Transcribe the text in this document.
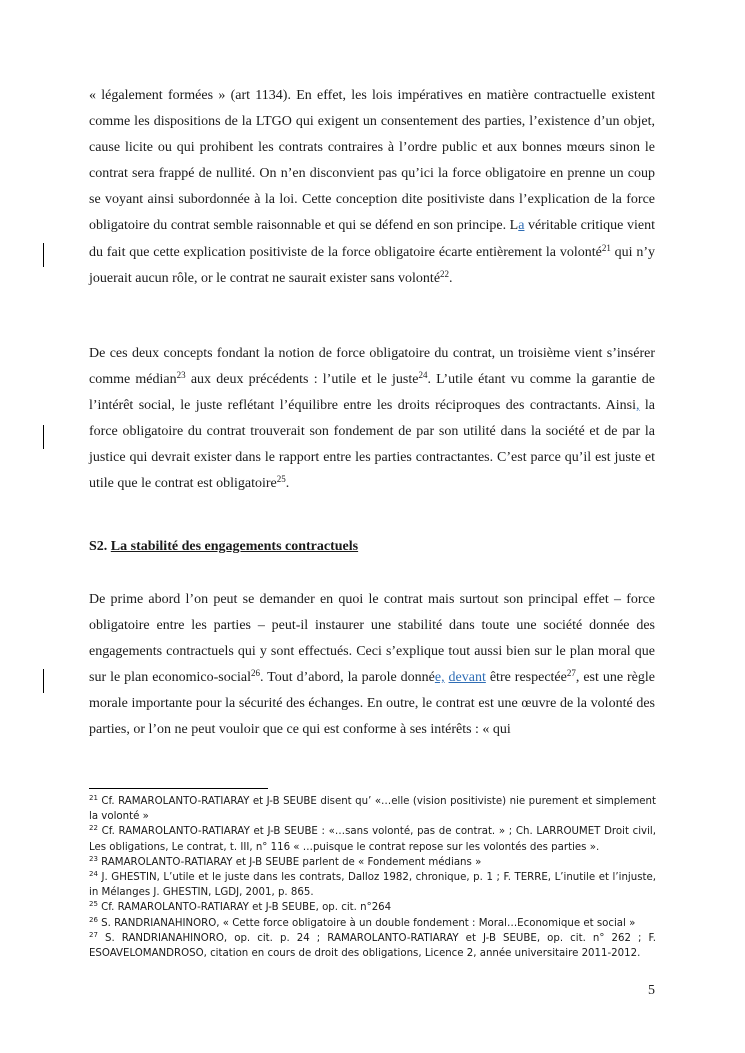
« légalement formées » (art 1134). En effet, les lois impératives en matière contractuelle existent comme les dispositions de la LTGO qui exigent un consentement des parties, l’existence d’un objet, cause licite ou qui prohibent les contrats contraires à l’ordre public et aux bonnes mœurs sinon le contrat sera frappé de nullité. On n’en disconvient pas qu’ici la force obligatoire en prenne un coup se voyant ainsi subordonnée à la loi. Cette conception dite positiviste dans l’explication de la force obligatoire du contrat semble raisonnable et qui se défend en son principe. La véritable critique vient du fait que cette explication positiviste de la force obligatoire écarte entièrement la volonté$^{21}$ qui n’y jouerait aucun rôle, or le contrat ne saurait exister sans volonté$^{22}$.

De ces deux concepts fondant la notion de force obligatoire du contrat, un troisième vient s’insérer comme médian$^{23}$ aux deux précédents : l’utile et le juste$^{24}$. L’utile étant vu comme la garantie de l’intérêt social, le juste reflétant l’équilibre entre les droits réciproques des contractants. Ainsi, la force obligatoire du contrat trouverait son fondement de par son utilité dans la société et de par la justice qui devrait exister dans le rapport entre les parties contractantes. C’est parce qu’il est juste et utile que le contrat est obligatoire$^{25}$.

S2. La stabilité des engagements contractuels

De prime abord l’on peut se demander en quoi le contrat mais surtout son principal effet – force obligatoire entre les parties – peut-il instaurer une stabilité dans toute une société donnée des engagements contractuels qui y sont effectués. Ceci s’explique tout aussi bien sur le plan moral que sur le plan economico-social$^{26}$. Tout d’abord, la parole donnée, devant être respectée$^{27}$, est une règle morale importante pour la sécurité des échanges. En outre, le contrat est une œuvre de la volonté des parties, or l’on ne peut vouloir que ce qui est conforme à ses intérêts : « qui

$^{21}$ Cf. RAMAROLANTO-RATIARAY et J-B SEUBE disent qu’ «…elle (vision positiviste) nie purement et simplement la volonté »
$^{22}$ Cf. RAMAROLANTO-RATIARAY et J-B SEUBE : «…sans volonté, pas de contrat. » ; Ch. LARROUMET Droit civil, Les obligations, Le contrat, t. III, n° 116 « …puisque le contrat repose sur les volontés des parties ».
$^{23}$ RAMAROLANTO-RATIARAY et J-B SEUBE parlent de « Fondement médians »
$^{24}$ J. GHESTIN, L’utile et le juste dans les contrats, Dalloz 1982, chronique, p. 1 ; F. TERRE, L’inutile et l’injuste, in Mélanges J. GHESTIN, LGDJ, 2001, p. 865.
$^{25}$ Cf. RAMAROLANTO-RATIARAY et J-B SEUBE, op. cit. n°264
$^{26}$ S. RANDRIANAHINORO, « Cette force obligatoire à un double fondement : Moral…Economique et social »
$^{27}$ S. RANDRIANAHINORO, op. cit. p. 24 ; RAMAROLANTO-RATIARAY et J-B SEUBE, op. cit. n° 262 ; F. ESOAVELOMANDROSO, citation en cours de droit des obligations, Licence 2, année universitaire 2011-2012.
5
